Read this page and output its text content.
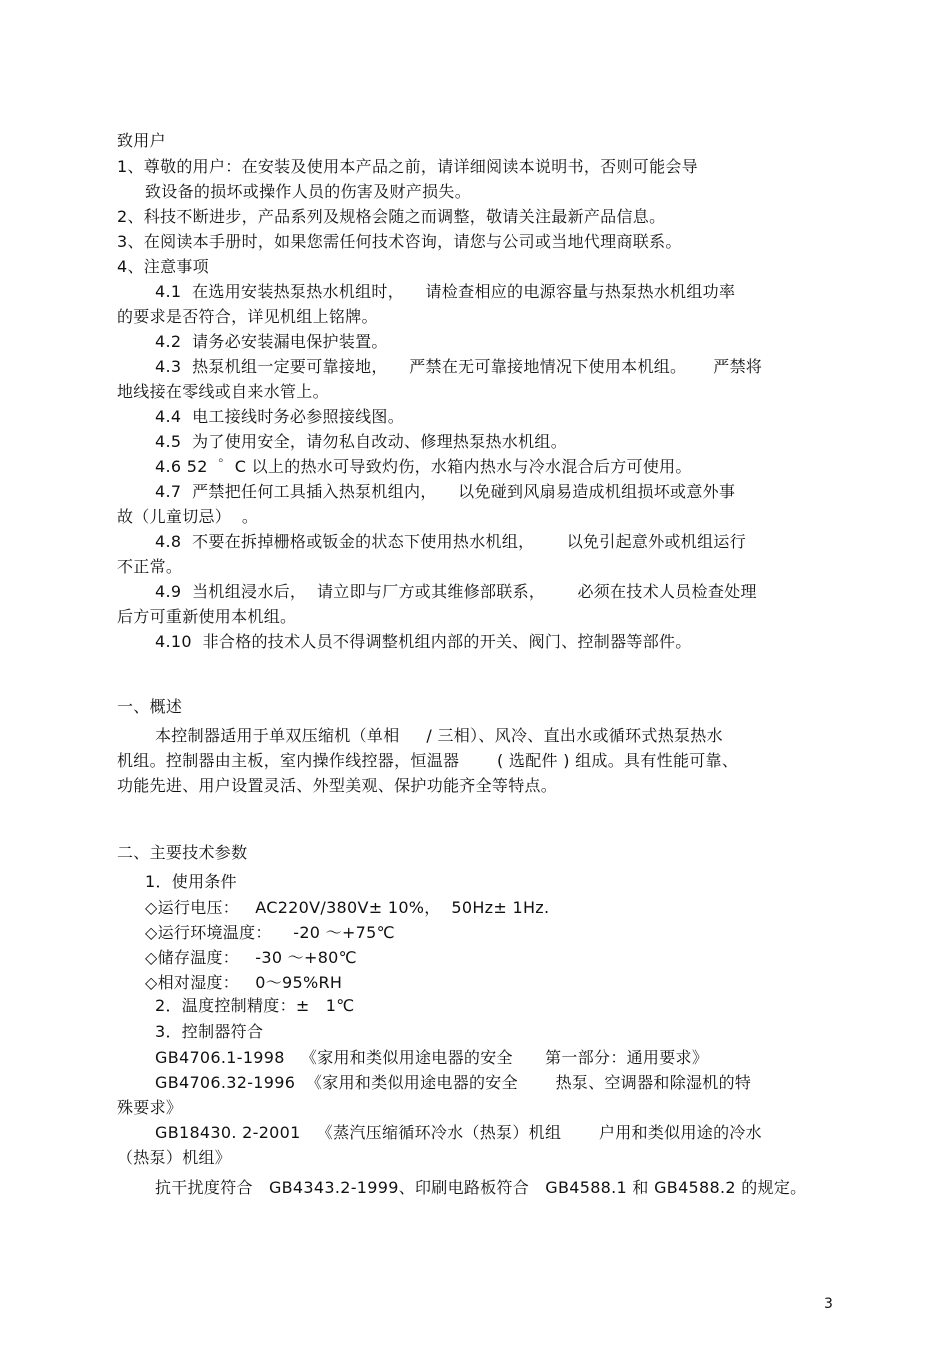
3
致用户
1、尊敬的用户：在安装及使用本产品之前，请详细阅读本说明书，否则可能会导
致设备的损坏或操作人员的伤害及财产损失。
2、科技不断进步，产品系列及规格会随之而调整，敬请关注最新产品信息。
3、在阅读本手册时，如果您需任何技术咨询，请您与公司或当地代理商联系。
4、注意事项
4.1  在选用安装热泵热水机组时，    请检查相应的电源容量与热泵热水机组功率
的要求是否符合，详见机组上铭牌。
4.2  请务必安装漏电保护装置。
4.3  热泵机组一定要可靠接地，    严禁在无可靠接地情况下使用本机组。     严禁将
地线接在零线或自来水管上。
4.4  电工接线时务必参照接线图。
4.5  为了使用安全，请勿私自改动、修理热泵热水机组。
4.6 52  ゜C 以上的热水可导致灼伤，水箱内热水与冷水混合后方可使用。
4.7  严禁把任何工具插入热泵机组内，    以免碰到风扇易造成机组损坏或意外事
故（儿童切忌）  。
4.8  不要在拆掉栅格或钣金的状态下使用热水机组，      以免引起意外或机组运行
不正常。
4.9  当机组浸水后，  请立即与厂方或其维修部联系，      必须在技术人员检查处理
后方可重新使用本机组。
4.10  非合格的技术人员不得调整机组内部的开关、阀门、控制器等部件。
一、概述
本控制器适用于单双压缩机（单相     / 三相）、风冷、直出水或循环式热泵热水
机组。控制器由主板，室内操作线控器，恒温器       ( 选配件 ) 组成。具有性能可靠、
功能先进、用户设置灵活、外型美观、保护功能齐全等特点。
二、主要技术参数
1．使用条件
◇运行电压：   AC220V/380V± 10%，  50Hz± 1Hz.
◇运行环境温度：    -20 ～+75℃
◇储存温度：   -30 ～+80℃
◇相对湿度：   0～95%RH
2．温度控制精度：±   1℃
3．控制器符合
GB4706.1-1998   《家用和类似用途电器的安全      第一部分：通用要求》
GB4706.32-1996  《家用和类似用途电器的安全       热泵、空调器和除湿机的特
殊要求》
GB18430. 2-2001   《蒸汽压缩循环冷水（热泵）机组       户用和类似用途的冷水
（热泵）机组》
抗干扰度符合   GB4343.2-1999、印刷电路板符合   GB4588.1 和 GB4588.2 的规定。
